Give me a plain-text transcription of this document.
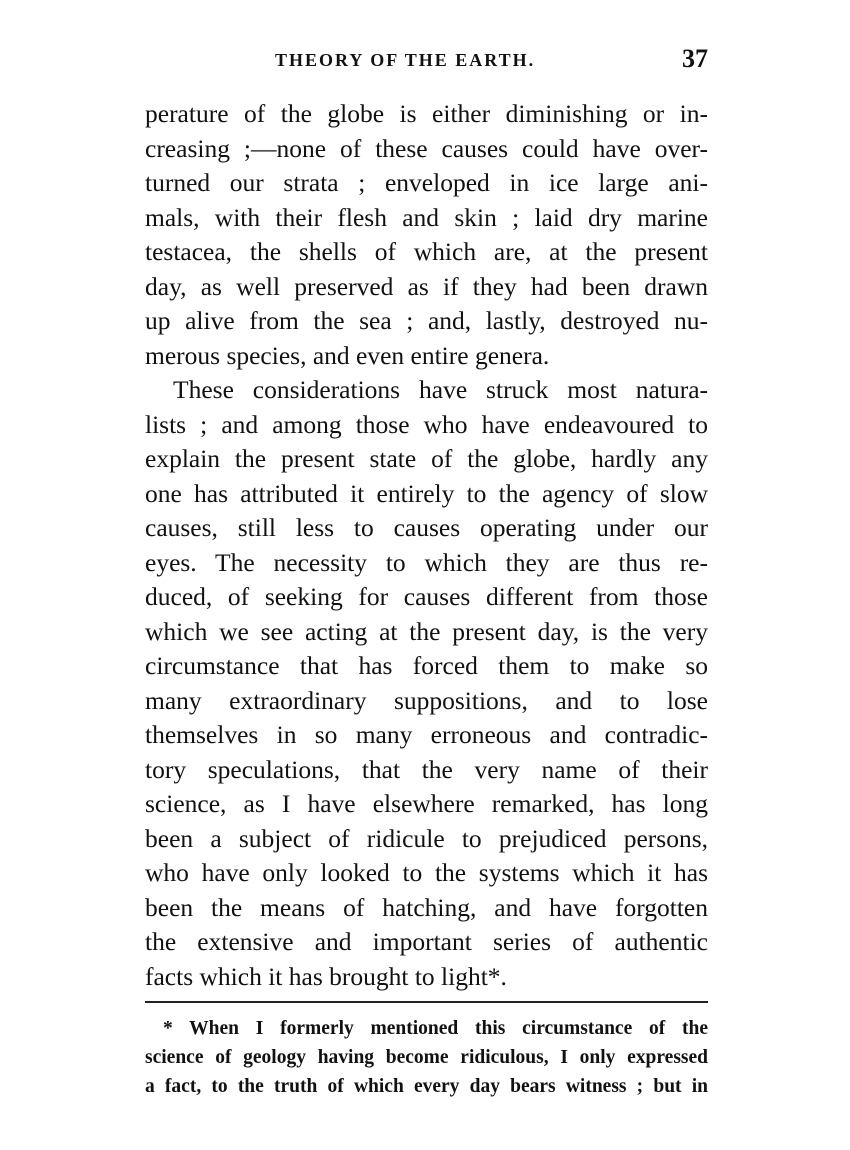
THEORY OF THE EARTH.	37
perature of the globe is either diminishing or in-
creasing ;—none of these causes could have over-
turned our strata ; enveloped in ice large ani-
mals, with their flesh and skin ; laid dry marine
testacea, the shells of which are, at the present
day, as well preserved as if they had been drawn
up alive from the sea ; and, lastly, destroyed nu-
merous species, and even entire genera.
These considerations have struck most natura-
lists ; and among those who have endeavoured to
explain the present state of the globe, hardly any
one has attributed it entirely to the agency of slow
causes, still less to causes operating under our
eyes. The necessity to which they are thus re-
duced, of seeking for causes different from those
which we see acting at the present day, is the very
circumstance that has forced them to make so
many extraordinary suppositions, and to lose
themselves in so many erroneous and contradic-
tory speculations, that the very name of their
science, as I have elsewhere remarked, has long
been a subject of ridicule to prejudiced persons,
who have only looked to the systems which it has
been the means of hatching, and have forgotten
the extensive and important series of authentic
facts which it has brought to light*.
* When I formerly mentioned this circumstance of the
science of geology having become ridiculous, I only expressed
a fact, to the truth of which every day bears witness ; but in
